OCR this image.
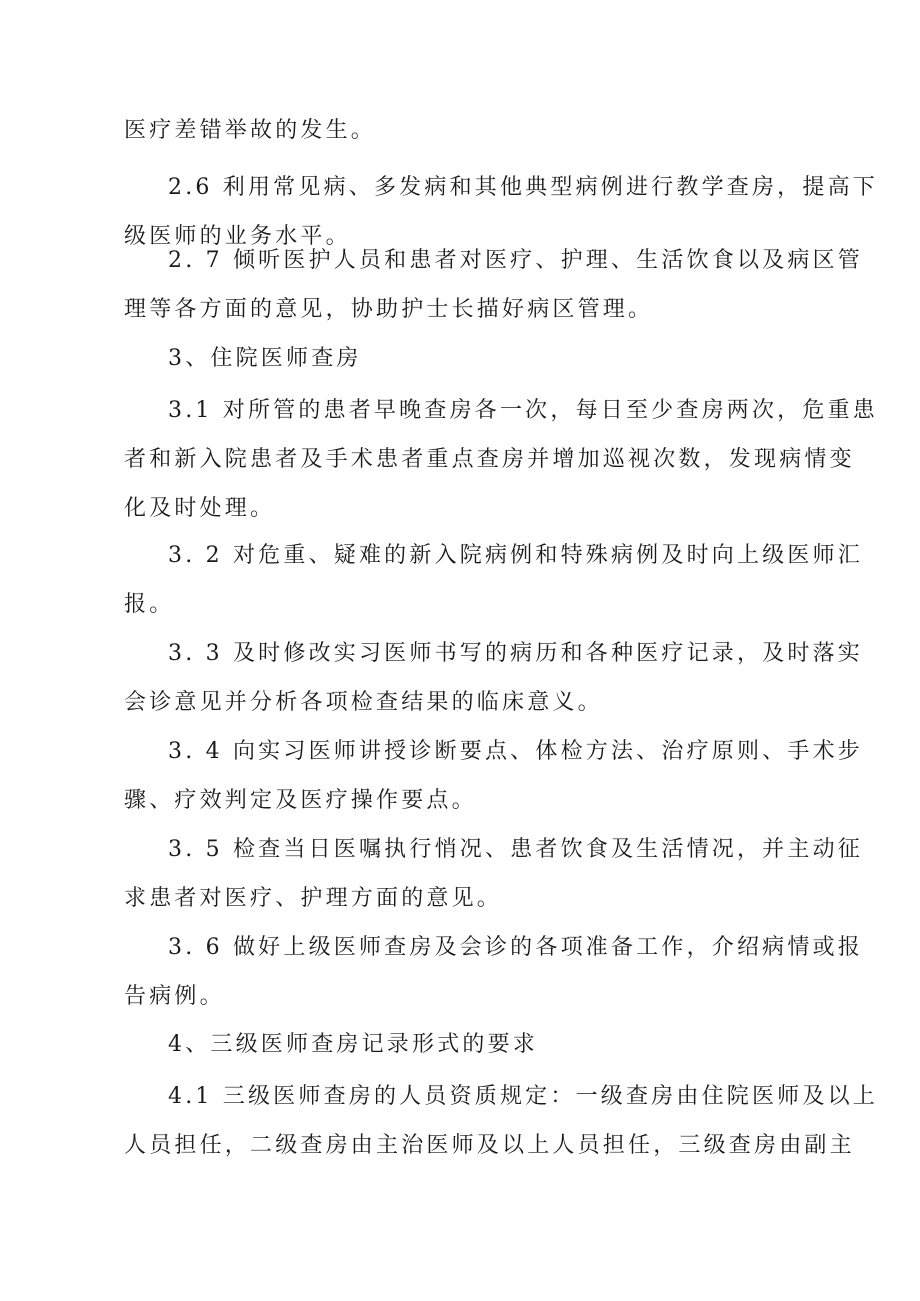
医疗差错举故的发生。

2.6 利用常见病、多发病和其他典型病例进行教学查房，提高下
级医师的业务水平。

2. 7 倾听医护人员和患者对医疗、护理、生活饮食以及病区管
理等各方面的意见，协助护士长描好病区管理。

3、住院医师查房

3.1 对所管的患者早晚查房各一次，每日至少查房两次，危重患
者和新入院患者及手术患者重点查房并增加巡视次数，发现病情变
化及时处理。

3. 2 对危重、疑难的新入院病例和特殊病例及时向上级医师汇
报。

3. 3 及时修改实习医师书写的病历和各种医疗记录，及时落实
会诊意见并分析各项检查结果的临床意义。

3. 4 向实习医师讲授诊断要点、体检方法、治疗原则、手术步
骤、疗效判定及医疗操作要点。

3. 5 检查当日医嘱执行悄况、患者饮食及生活情况，并主动征
求患者对医疗、护理方面的意见。

3. 6 做好上级医师查房及会诊的各项准备工作，介绍病情或报
告病例。

4、三级医师查房记录形式的要求

4.1 三级医师查房的人员资质规定：一级查房由住院医师及以上
人员担任，二级查房由主治医师及以上人员担任，三级查房由副主
